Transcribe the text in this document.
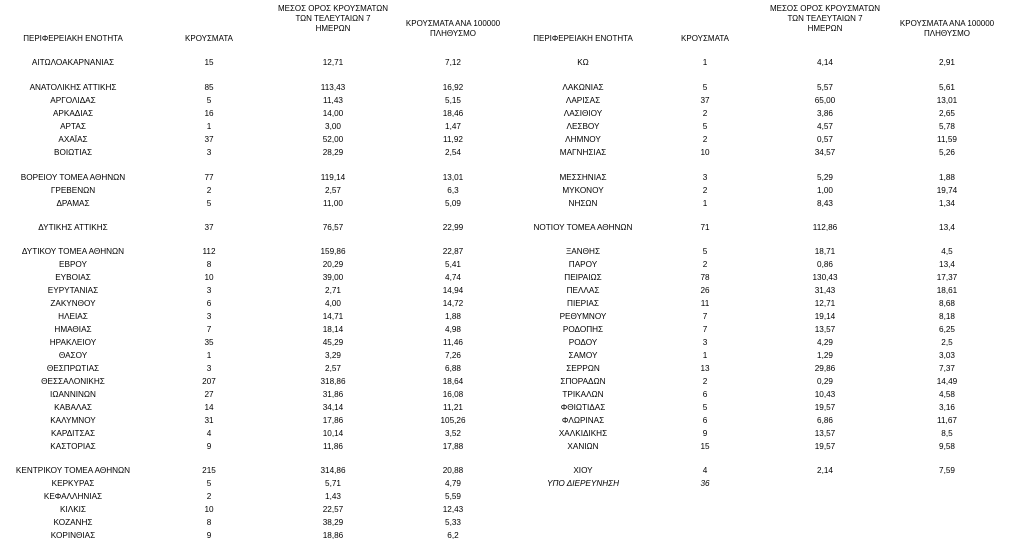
ΠΕΡΙΦΕΡΕΙΑΚΗ ΕΝΟΤΗΤΑ	ΚΡΟΥΣΜΑΤΑ
ΜΕΣΟΣ ΟΡΟΣ ΚΡΟΥΣΜΑΤΩΝ
ΤΩΝ ΤΕΛΕΥΤΑΙΩΝ 7
ΗΜΕΡΩΝ
ΚΡΟΥΣΜΑΤΑ ΑΝΑ 100000
ΠΛΗΘΥΣΜΟ
ΑΙΤΩΛΟΑΚΑΡΝΑΝΙΑΣ	15	12,71	7,12
ΑΝΑΤΟΛΙΚΗΣ ΑΤΤΙΚΗΣ	85	113,43	16,92
ΑΡΓΟΛΙΔΑΣ	5	11,43	5,15
ΑΡΚΑΔΙΑΣ	16	14,00	18,46
ΑΡΤΑΣ	1	3,00	1,47
ΑΧΑΪΑΣ	37	52,00	11,92
ΒΟΙΩΤΙΑΣ	3	28,29	2,54
ΒΟΡΕΙΟΥ ΤΟΜΕΑ ΑΘΗΝΩΝ	77	119,14	13,01
ΓΡΕΒΕΝΩΝ	2	2,57	6,3
ΔΡΑΜΑΣ	5	11,00	5,09
ΔΥΤΙΚΗΣ ΑΤΤΙΚΗΣ	37	76,57	22,99
ΔΥΤΙΚΟΥ ΤΟΜΕΑ ΑΘΗΝΩΝ	112	159,86	22,87
ΕΒΡΟΥ	8	20,29	5,41
ΕΥΒΟΙΑΣ	10	39,00	4,74
ΕΥΡΥΤΑΝΙΑΣ	3	2,71	14,94
ΖΑΚΥΝΘΟΥ	6	4,00	14,72
ΗΛΕΙΑΣ	3	14,71	1,88
ΗΜΑΘΙΑΣ	7	18,14	4,98
ΗΡΑΚΛΕΙΟΥ	35	45,29	11,46
ΘΑΣΟΥ	1	3,29	7,26
ΘΕΣΠΡΩΤΙΑΣ	3	2,57	6,88
ΘΕΣΣΑΛΟΝΙΚΗΣ	207	318,86	18,64
ΙΩΑΝΝΙΝΩΝ	27	31,86	16,08
ΚΑΒΑΛΑΣ	14	34,14	11,21
ΚΑΛΥΜΝΟΥ	31	17,86	105,26
ΚΑΡΔΙΤΣΑΣ	4	10,14	3,52
ΚΑΣΤΟΡΙΑΣ	9	11,86	17,88
ΚΕΝΤΡΙΚΟΥ ΤΟΜΕΑ ΑΘΗΝΩΝ	215	314,86	20,88
ΚΕΡΚΥΡΑΣ	5	5,71	4,79
ΚΕΦΑΛΛΗΝΙΑΣ	2	1,43	5,59
ΚΙΛΚΙΣ	10	22,57	12,43
ΚΟΖΑΝΗΣ	8	38,29	5,33
ΚΟΡΙΝΘΙΑΣ	9	18,86	6,2
ΠΕΡΙΦΕΡΕΙΑΚΗ ΕΝΟΤΗΤΑ	ΚΡΟΥΣΜΑΤΑ
ΜΕΣΟΣ ΟΡΟΣ ΚΡΟΥΣΜΑΤΩΝ
ΤΩΝ ΤΕΛΕΥΤΑΙΩΝ 7
ΗΜΕΡΩΝ
ΚΡΟΥΣΜΑΤΑ ΑΝΑ 100000
ΠΛΗΘΥΣΜΟ
ΚΩ	1	4,14	2,91
ΛΑΚΩΝΙΑΣ	5	5,57	5,61
ΛΑΡΙΣΑΣ	37	65,00	13,01
ΛΑΣΙΘΙΟΥ	2	3,86	2,65
ΛΕΣΒΟΥ	5	4,57	5,78
ΛΗΜΝΟΥ	2	0,57	11,59
ΜΑΓΝΗΣΙΑΣ	10	34,57	5,26
ΜΕΣΣΗΝΙΑΣ	3	5,29	1,88
ΜΥΚΟΝΟΥ	2	1,00	19,74
ΝΗΣΩΝ	1	8,43	1,34
ΝΟΤΙΟΥ ΤΟΜΕΑ ΑΘΗΝΩΝ	71	112,86	13,4
ΞΑΝΘΗΣ	5	18,71	4,5
ΠΑΡΟΥ	2	0,86	13,4
ΠΕΙΡΑΙΩΣ	78	130,43	17,37
ΠΕΛΛΑΣ	26	31,43	18,61
ΠΙΕΡΙΑΣ	11	12,71	8,68
ΡΕΘΥΜΝΟΥ	7	19,14	8,18
ΡΟΔΟΠΗΣ	7	13,57	6,25
ΡΟΔΟΥ	3	4,29	2,5
ΣΑΜΟΥ	1	1,29	3,03
ΣΕΡΡΩΝ	13	29,86	7,37
ΣΠΟΡΑΔΩΝ	2	0,29	14,49
ΤΡΙΚΑΛΩΝ	6	10,43	4,58
ΦΘΙΩΤΙΔΑΣ	5	19,57	3,16
ΦΛΩΡΙΝΑΣ	6	6,86	11,67
ΧΑΛΚΙΔΙΚΗΣ	9	13,57	8,5
ΧΑΝΙΩΝ	15	19,57	9,58
ΧΙΟΥ	4	2,14	7,59
ΥΠΟ ΔΙΕΡΕΥΝΗΣΗ	36
